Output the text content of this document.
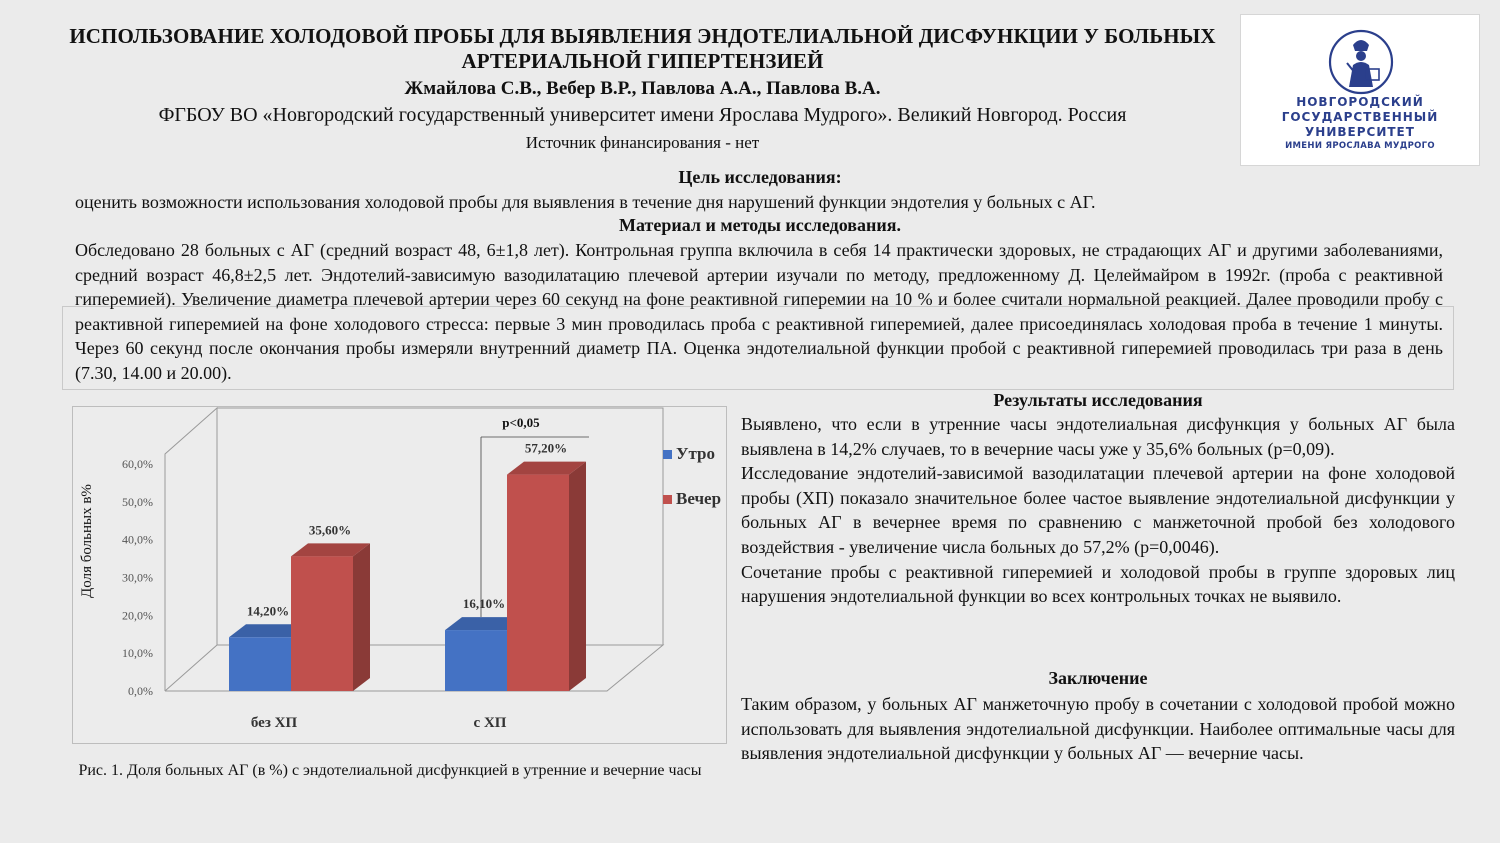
ИСПОЛЬЗОВАНИЕ ХОЛОДОВОЙ ПРОБЫ ДЛЯ ВЫЯВЛЕНИЯ ЭНДОТЕЛИАЛЬНОЙ ДИСФУНКЦИИ У БОЛЬНЫХ АРТЕРИАЛЬНОЙ ГИПЕРТЕНЗИЕЙ
Жмайлова С.В., Вебер В.Р., Павлова А.А., Павлова В.А.
ФГБОУ ВО «Новгородский государственный университет имени Ярослава Мудрого». Великий Новгород. Россия
Источник финансирования - нет
НОВГОРОДСКИЙ
ГОСУДАРСТВЕННЫЙ
УНИВЕРСИТЕТ
ИМЕНИ ЯРОСЛАВА МУДРОГО
Цель исследования:
оценить возможности использования холодовой пробы для выявления в течение дня нарушений функции эндотелия у больных с АГ.
Материал и методы исследования.
Обследовано 28 больных с АГ (средний возраст 48, 6±1,8 лет). Контрольная группа включила в себя 14 практически здоровых, не страдающих АГ и другими заболеваниями, средний возраст 46,8±2,5 лет. Эндотелий-зависимую вазодилатацию плечевой артерии изучали по методу, предложенному Д. Целеймайром в 1992г. (проба с реактивной гиперемией). Увеличение диаметра плечевой артерии через 60 секунд на фоне реактивной гиперемии на 10 % и более считали нормальной реакцией. Далее проводили пробу с реактивной гиперемией на фоне холодового стресса: первые 3 мин проводилась проба с реактивной гиперемией, далее присоединялась холодовая проба в течение 1 минуты. Через 60 секунд после окончания пробы измеряли внутренний диаметр ПА. Оценка эндотелиальной функции пробой с реактивной гиперемией проводилась три раза в день (7.30, 14.00 и 20.00).
0,0%
10,0%
20,0%
30,0%
40,0%
50,0%
60,0%
Доля больных в%
14,20%
35,60%
без ХП
16,10%
57,20%
с ХП
p<0,05
Утро
Вечер
Рис. 1. Доля больных АГ (в %) с эндотелиальной дисфункцией в утренние и вечерние часы
Результаты исследования
Выявлено, что если в утренние часы эндотелиальная дисфункция у больных АГ была выявлена в 14,2% случаев, то в вечерние часы уже у 35,6% больных (p=0,09).
Исследование эндотелий-зависимой вазодилатации плечевой артерии на фоне холодовой пробы (ХП) показало значительное более частое выявление эндотелиальной дисфункции у больных АГ в вечернее время по сравнению с манжеточной пробой без холодового воздействия - увеличение числа больных до 57,2% (p=0,0046).
Сочетание пробы с реактивной гиперемией и холодовой пробы в группе здоровых лиц нарушения эндотелиальной функции во всех контрольных точках не выявило.
Заключение
Таким образом, у больных АГ манжеточную пробу в сочетании с холодовой пробой можно использовать для выявления эндотелиальной дисфункции. Наиболее оптимальные часы для выявления эндотелиальной дисфункции у больных АГ — вечерние часы.
